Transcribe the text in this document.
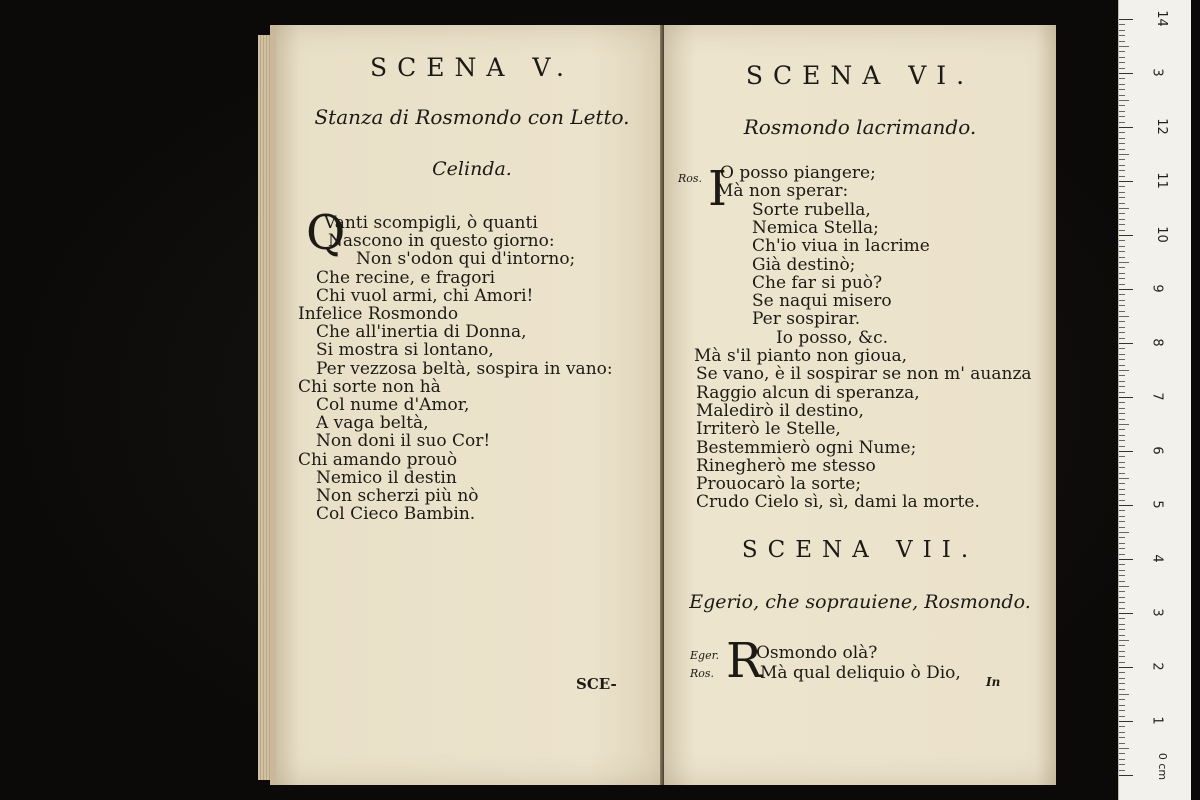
SCENA V.
Stanza di Rosmondo con Letto.
Celinda.
Q
Vanti scompigli, ò quanti
Nascono in questo giorno:
Non s'odon qui d'intorno;
Che recine, e fragori
Chi vuol armi, chi Amori!
Infelice Rosmondo
Che all'inertia di Donna,
Si mostra si lontano,
Per vezzosa beltà, sospira in vano:
Chi sorte non hà
Col nume d'Amor,
A vaga beltà,
Non doni il suo Cor!
Chi amando prouò
Nemico il destin
Non scherzi più nò
Col Cieco Bambin.
SCE-
SCENA VI.
Rosmondo lacrimando.
Ros. I
O posso piangere;
Mà non sperar:
Sorte rubella,
Nemica Stella;
Ch'io viua in lacrime
Già destinò;
Che far si può?
Se naqui misero
Per sospirar.
Io posso, &c.
Mà s'il pianto non gioua,
Se vano, è il sospirar se non m' auanza
Raggio alcun di speranza,
Maledirò il destino,
Irriterò le Stelle,
Bestemmierò ogni Nume;
Rinegherò me stesso
Prouocarò la sorte;
Crudo Cielo sì, sì, dami la morte.
SCENA VII.
Egerio, che soprauiene, Rosmondo.
Eger.
Ros. R
Osmondo olà?
Mà qual deliquio ò Dio, In
0 cm
1
2
3
4
5
6
7
8
9
10
11
12
3
14
